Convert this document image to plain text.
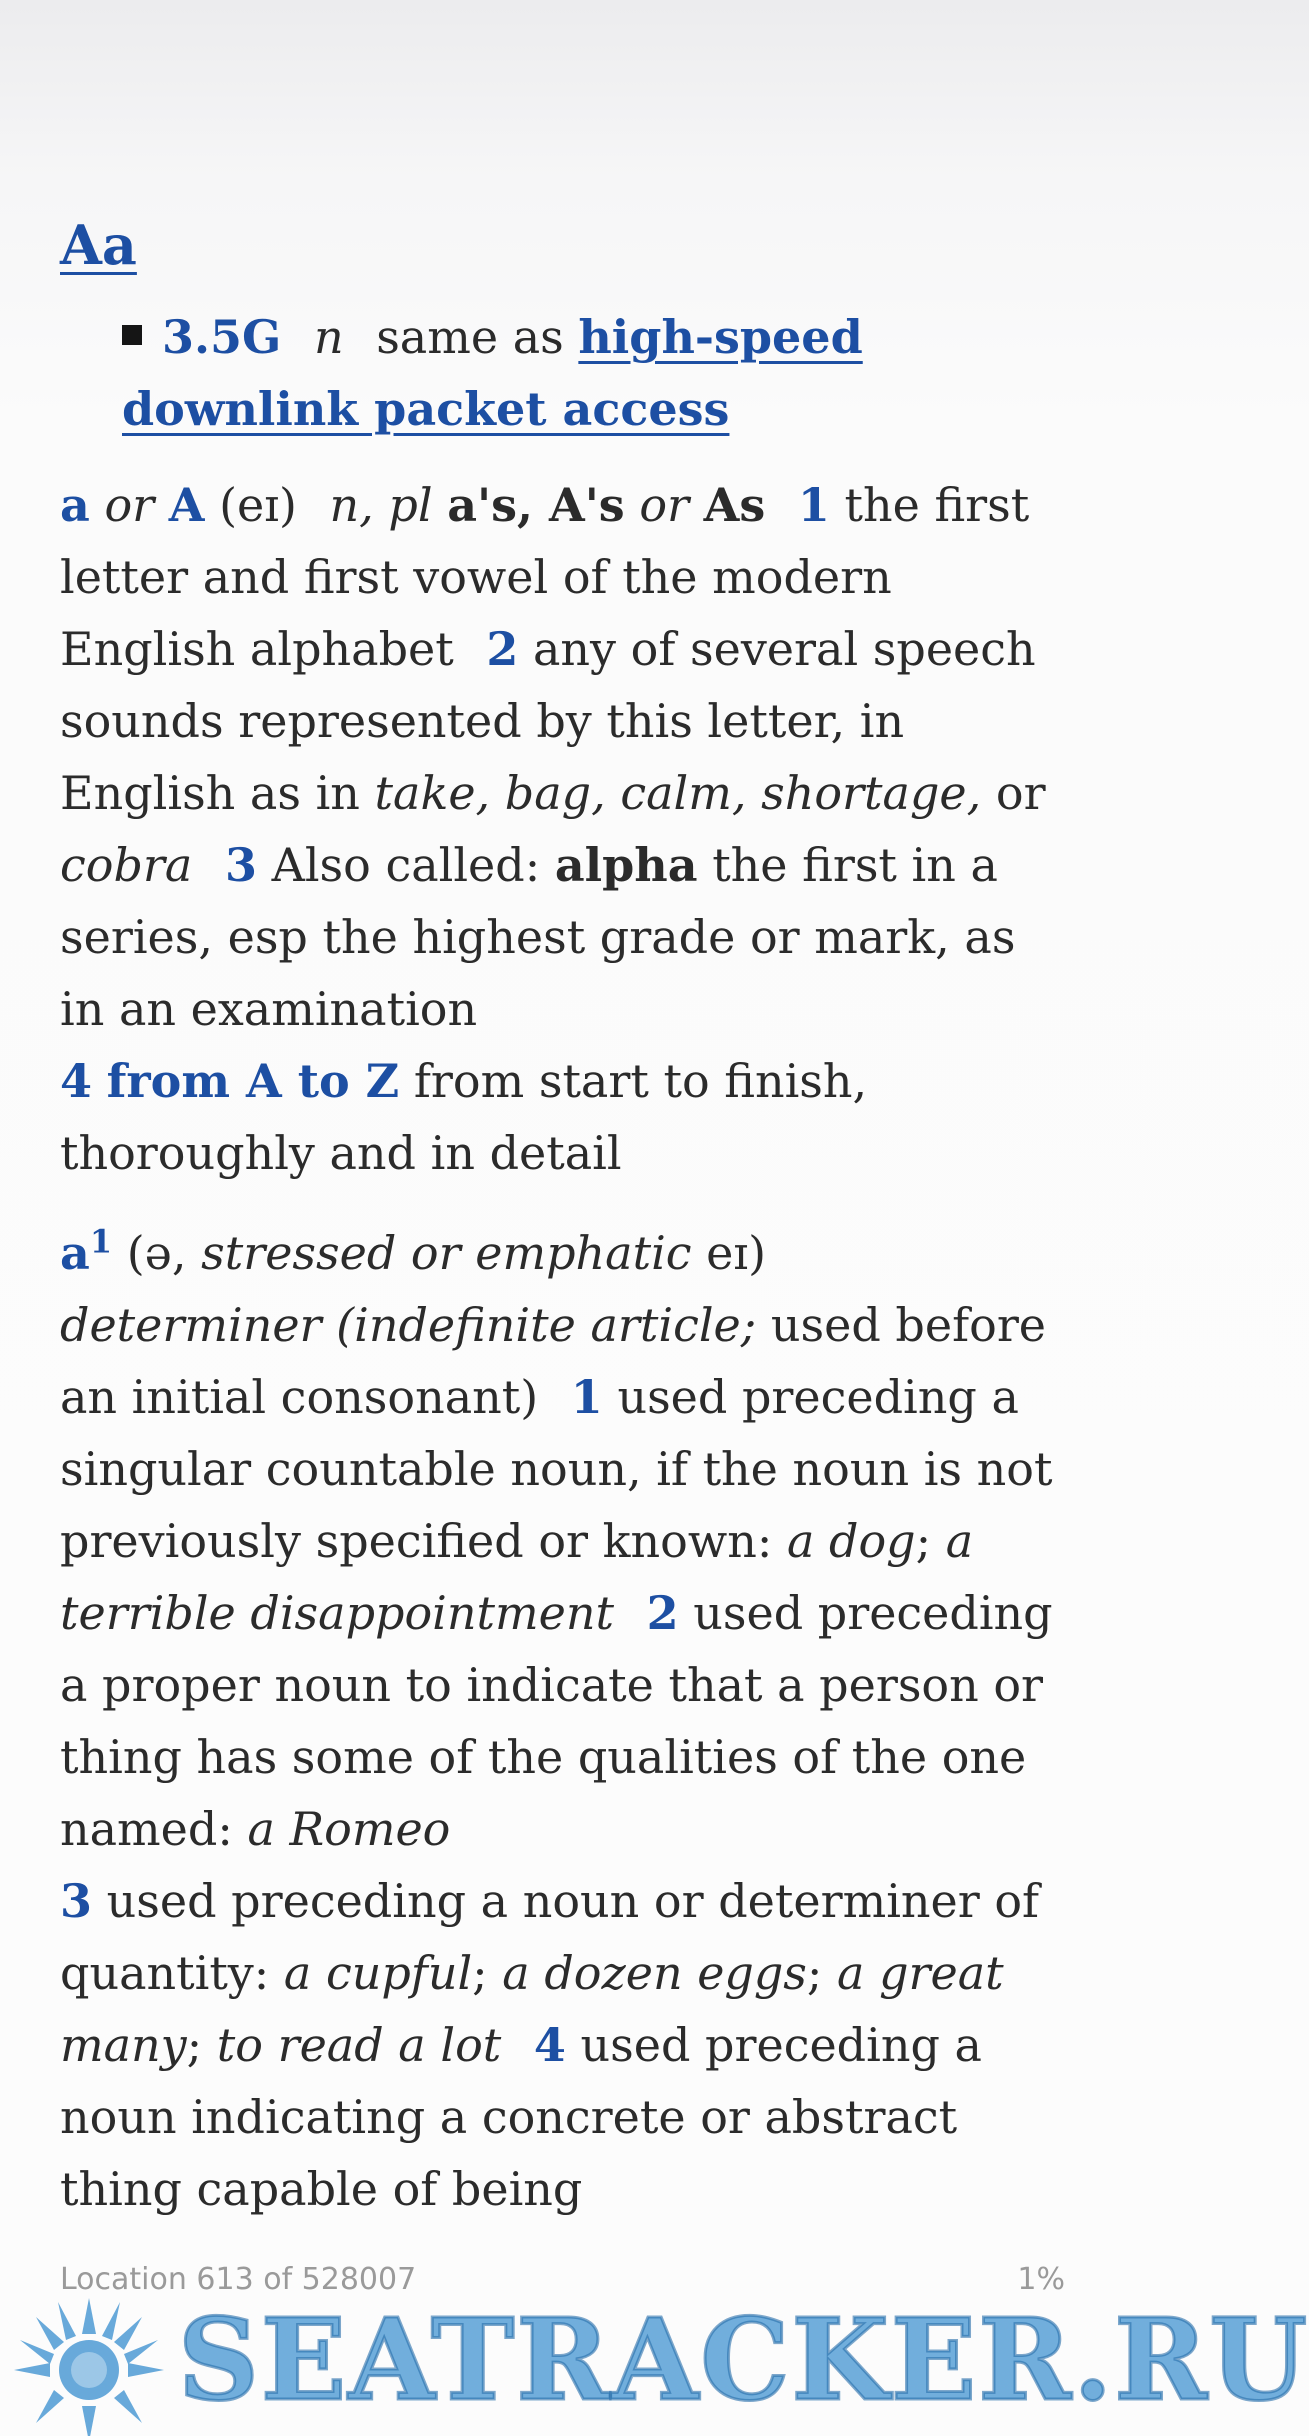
Aa
3.5G n same as high-speed
downlink packet access

a or A (eɪ) n, pl a's, A's or As 1 the first letter and first vowel of the modern English alphabet 2 any of several speech sounds represented by this letter, in English as in take, bag, calm, shortage, or cobra 3 Also called: alpha the first in a series, esp the highest grade or mark, as in an examination
4 from A to Z from start to finish, thoroughly and in detail

$a^1$ (ə, stressed or emphatic eɪ) determiner (indefinite article; used before an initial consonant) 1 used preceding a singular countable noun, if the noun is not previously specified or known: a dog; a terrible disappointment 2 used preceding a proper noun to indicate that a person or thing has some of the qualities of the one named: a Romeo
3 used preceding a noun or determiner of quantity: a cupful; a dozen eggs; a great many; to read a lot 4 used preceding a noun indicating a concrete or abstract thing capable of being

Location 613 of 528007	1%
SEATRACKER.RU
